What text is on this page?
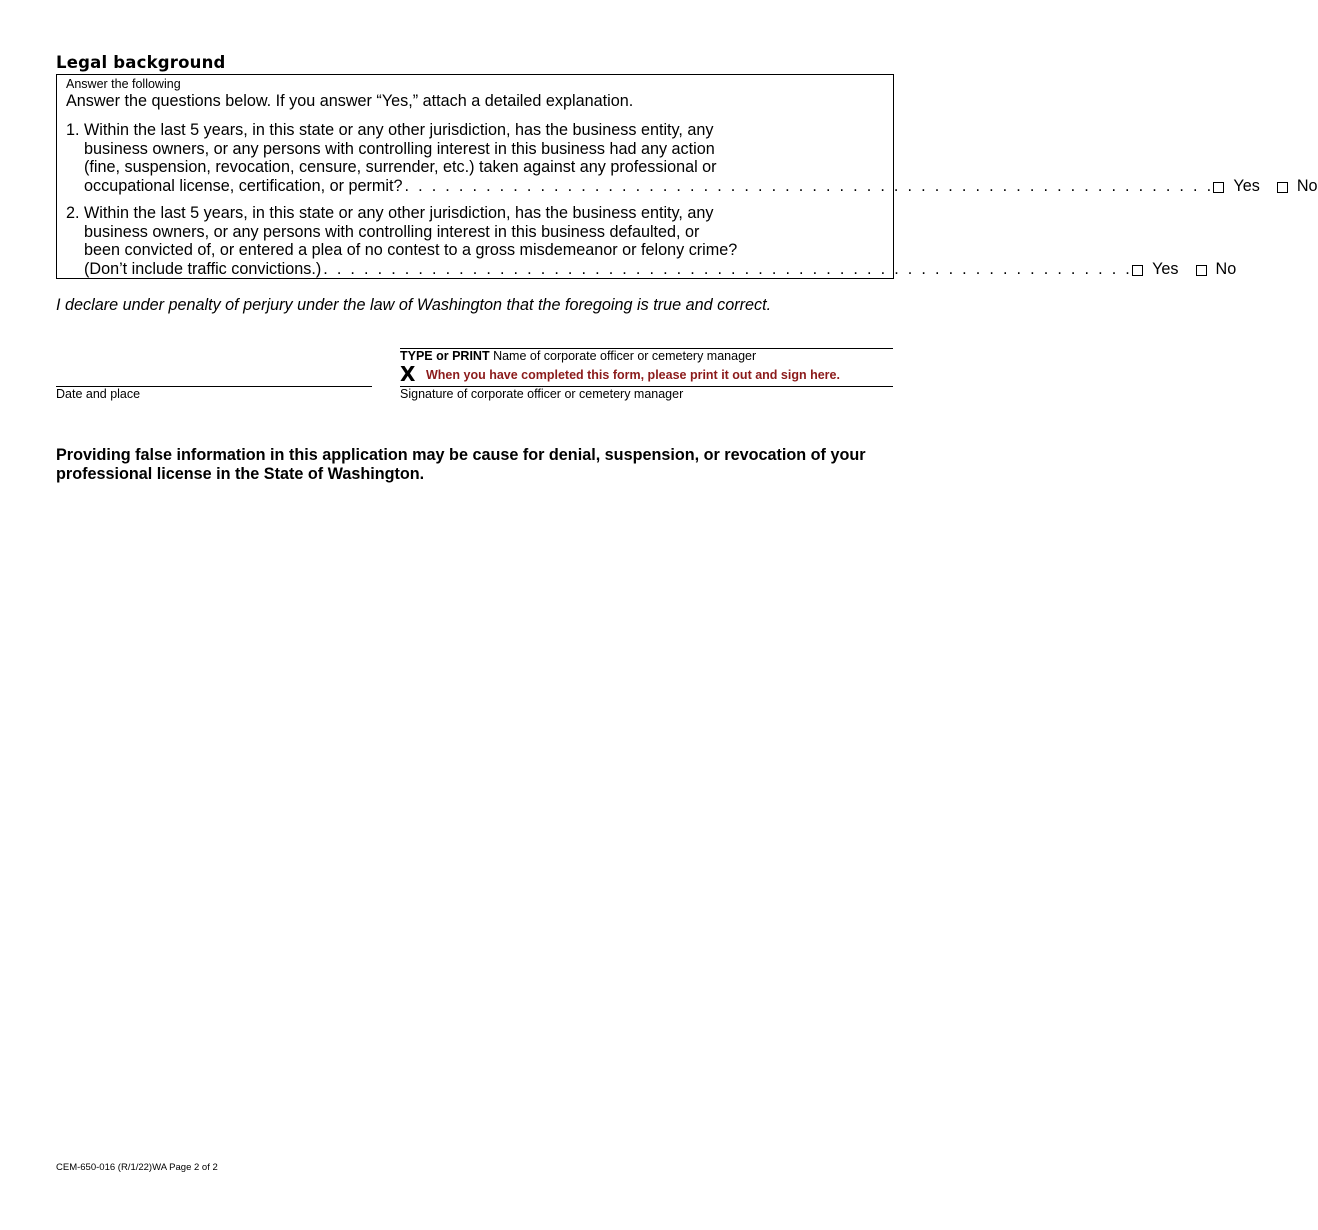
Legal background
Answer the following
Answer the questions below. If you answer “Yes,” attach a detailed explanation.
1. Within the last 5 years, in this state or any other jurisdiction, has the business entity, any
business owners, or any persons with controlling interest in this business had any action
(fine, suspension, revocation, censure, surrender, etc.) taken against any professional or
occupational license, certification, or permit? . . . . . . . . . . . . . . . . . . . . . . . . . . . . . . . . . . . . . . . . . . . . . . . . . . . . . . . . . . . . Yes No
2. Within the last 5 years, in this state or any other jurisdiction, has the business entity, any
business owners, or any persons with controlling interest in this business defaulted, or
been convicted of, or entered a plea of no contest to a gross misdemeanor or felony crime?
(Don’t include traffic convictions.) . . . . . . . . . . . . . . . . . . . . . . . . . . . . . . . . . . . . . . . . . . . . . . . . . . . . . . . . . . . . Yes No
I declare under penalty of perjury under the law of Washington that the foregoing is true and correct.
TYPE or PRINT Name of corporate officer or cemetery manager
X When you have completed this form, please print it out and sign here.
Signature of corporate officer or cemetery manager
Date and place
Providing false information in this application may be cause for denial, suspension, or revocation of your professional license in the State of Washington.
CEM-650-016 (R/1/22)WA Page 2 of 2
